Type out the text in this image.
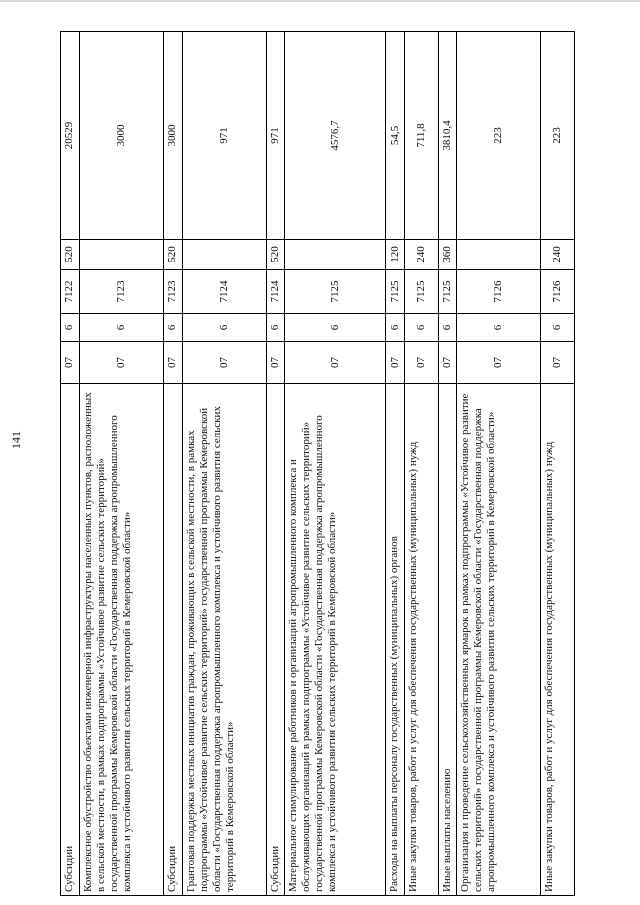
141
Субсидии	07	6	7122	520	20529
Комплексное обустройство объектами инженерной инфраструктуры населенных пунктов, расположенных в сельской местности, в рамках подпрограммы «Устойчивое развитие сельских территорий» государственной программы Кемеровской области «Государственная поддержка агропромышленного комплекса и устойчивого развития сельских территорий в Кемеровской области»	07	6	7123		3000
Субсидии	07	6	7123	520	3000
Грантовая поддержка местных инициатив граждан, проживающих в сельской местности, в рамках подпрограммы «Устойчивое развитие сельских территорий» государственной программы Кемеровской области «Государственная поддержка агропромышленного комплекса и устойчивого развития сельских территорий в Кемеровской области»	07	6	7124		971
Субсидии	07	6	7124	520	971
Материальное стимулирование работников и организаций агропромышленного комплекса и обслуживающих организаций в рамках подпрограммы «Устойчивое развитие сельских территорий» государственной программы Кемеровской области «Государственная поддержка агропромышленного комплекса и устойчивого развития сельских территорий в Кемеровской области»	07	6	7125		4576,7
Расходы на выплаты персоналу государственных (муниципальных) органов	07	6	7125	120	54,5
Иные закупки товаров, работ и услуг для обеспечения государственных (муниципальных) нужд	07	6	7125	240	711,8
Иные выплаты населению	07	6	7125	360	3810,4
Организация и проведение сельскохозяйственных ярмарок в рамках подпрограммы «Устойчивое развитие сельских территорий» государственной программы Кемеровской области «Государственная поддержка агропромышленного комплекса и устойчивого развития сельских территорий в Кемеровской области»	07	6	7126		223
Иные закупки товаров, работ и услуг для обеспечения государственных (муниципальных) нужд	07	6	7126	240	223
